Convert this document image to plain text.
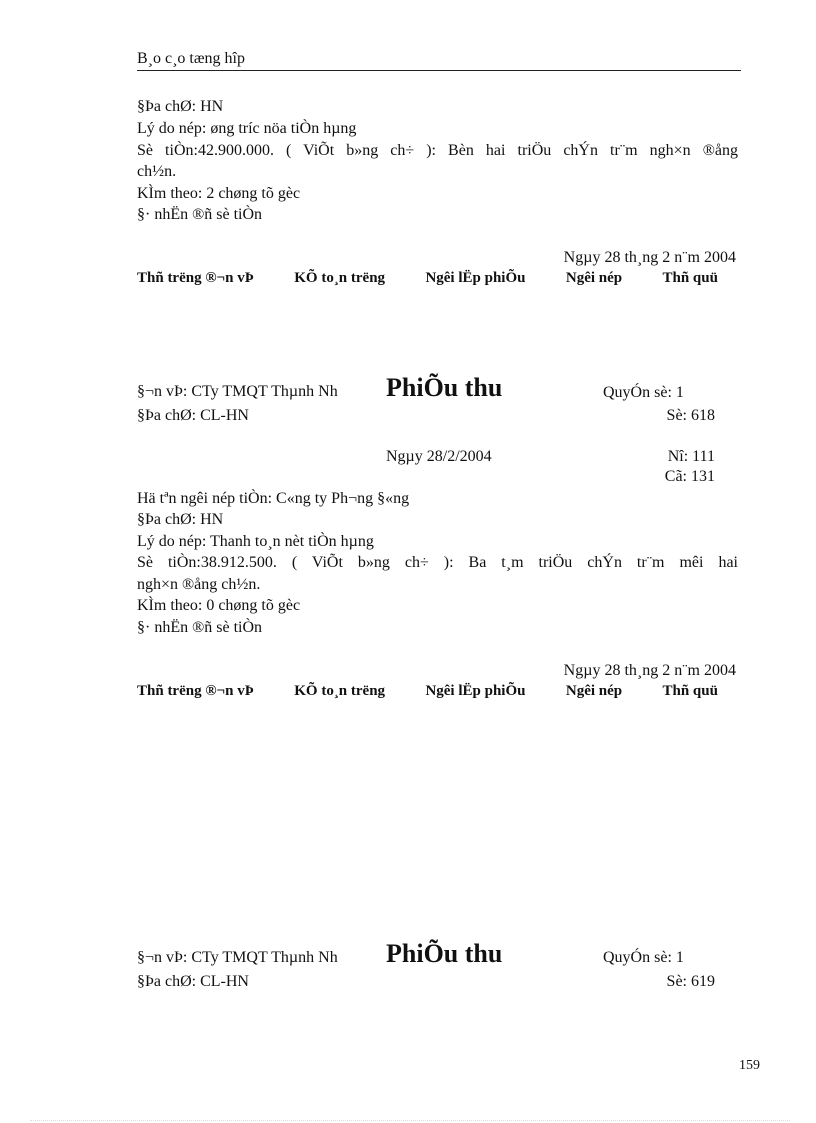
B¸o c¸o tæng hîp
§Þa chØ: HN
Lý do nép: øng tríc nöa tiÒn hµng
Sè tiÒn:42.900.000. ( ViÕt b»ng ch÷ ): Bèn hai triÖu chÝn tr¨m ngh×n ®ång
ch½n.
KÌm theo: 2 chøng tõ gèc
§· nhËn ®ñ sè tiÒn
Ngµy 28 th¸ng 2 n¨m 2004
Thñ trëng ®¬n vÞ	KÕ to¸n trëng	Ngêi lËp phiÕu	Ngêi nép	Thñ quü
§¬n vÞ: CTy TMQT Thµnh Nh PhiÕu thu	QuyÓn sè: 1
§Þa chØ: CL-HN	Sè: 618
Ngµy 28/2/2004	Nî: 111
Cã: 131
Hä tªn ngêi nép tiÒn: C«ng ty Ph¬ng §«ng
§Þa chØ: HN
Lý do nép: Thanh to¸n nèt tiÒn hµng
Sè tiÒn:38.912.500. ( ViÕt b»ng ch÷ ): Ba t¸m triÖu chÝn tr¨m mêi hai
ngh×n ®ång ch½n.
KÌm theo: 0 chøng tõ gèc
§· nhËn ®ñ sè tiÒn
Ngµy 28 th¸ng 2 n¨m 2004
Thñ trëng ®¬n vÞ	KÕ to¸n trëng	Ngêi lËp phiÕu	Ngêi nép	Thñ quü
§¬n vÞ: CTy TMQT Thµnh Nh PhiÕu thu	QuyÓn sè: 1
§Þa chØ: CL-HN	Sè: 619
159
